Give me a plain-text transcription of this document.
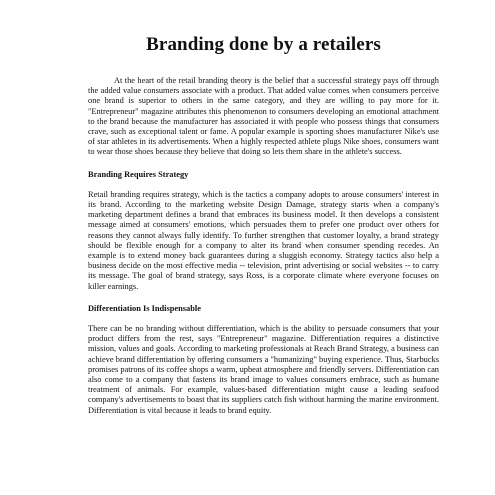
Branding done by a retailers

At the heart of the retail branding theory is the belief that a successful strategy pays off through the added value consumers associate with a product. That added value comes when consumers perceive one brand is superior to others in the same category, and they are willing to pay more for it. "Entrepreneur" magazine attributes this phenomenon to consumers developing an emotional attachment to the brand because the manufacturer has associated it with people who possess things that consumers crave, such as exceptional talent or fame. A popular example is sporting shoes manufacturer Nike's use of star athletes in its advertisements. When a highly respected athlete plugs Nike shoes, consumers want to wear those shoes because they believe that doing so lets them share in the athlete's success.

Branding Requires Strategy

Retail branding requires strategy, which is the tactics a company adopts to arouse consumers' interest in its brand. According to the marketing website Design Damage, strategy starts when a company's marketing department defines a brand that embraces its business model. It then develops a consistent message aimed at consumers' emotions, which persuades them to prefer one product over others for reasons they cannot always fully identify. To further strengthen that customer loyalty, a brand strategy should be flexible enough for a company to alter its brand when consumer spending recedes. An example is to extend money back guarantees during a sluggish economy. Strategy tactics also help a business decide on the most effective media -- television, print advertising or social websites -- to carry its message. The goal of brand strategy, says Ross, is a corporate climate where everyone focuses on killer earnings.

Differentiation Is Indispensable

There can be no branding without differentiation, which is the ability to persuade consumers that your product differs from the rest, says "Entrepreneur" magazine. Differentiation requires a distinctive mission, values and goals. According to marketing professionals at Reach Brand Strategy, a business can achieve brand differentiation by offering consumers a "humanizing" buying experience. Thus, Starbucks promises patrons of its coffee shops a warm, upbeat atmosphere and friendly servers. Differentiation can also come to a company that fastens its brand image to values consumers embrace, such as humane treatment of animals. For example, values-based differentiation might cause a leading seafood company's advertisements to boast that its suppliers catch fish without harming the marine environment. Differentiation is vital because it leads to brand equity.
